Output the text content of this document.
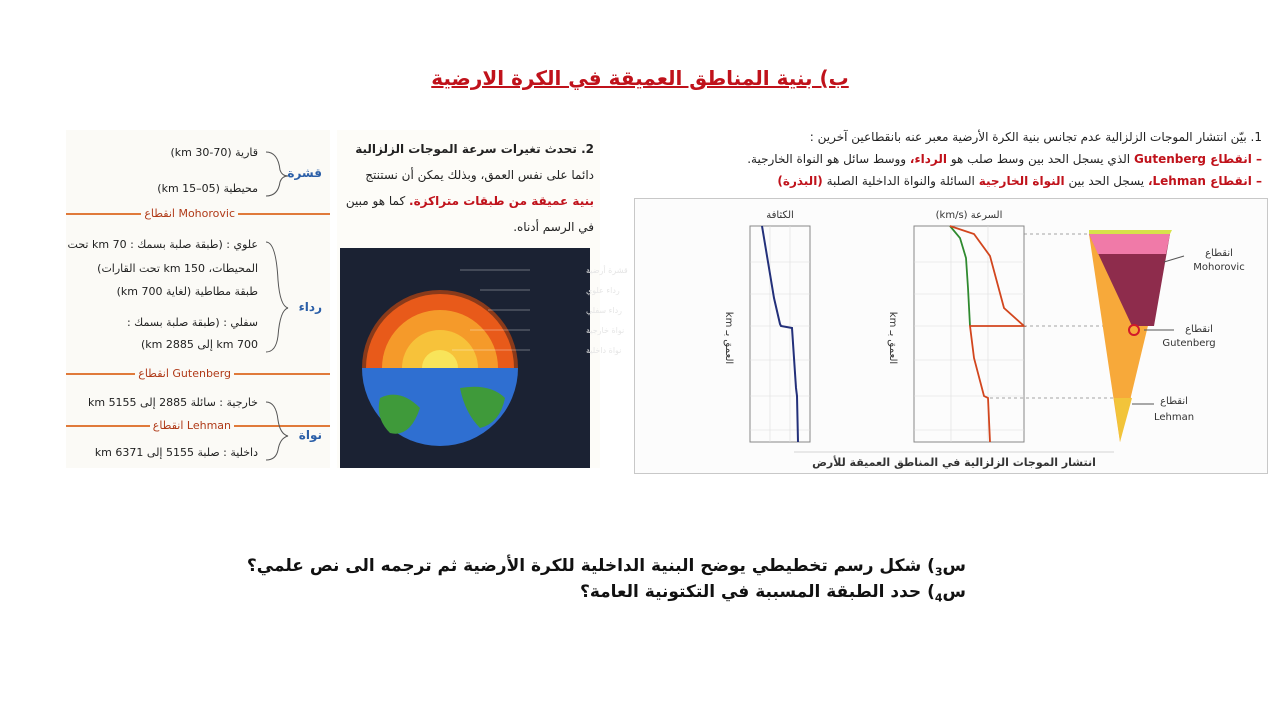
ب) بنية المناطق العميقة في الكرة الارضية
قشرة
قارية (km 30-70)
محيطية (km 15–05)
Mohorovic انقطاع
رداء
علوي : (طبقة صلبة بسمك : km 70 تحت
المحيطات، km 150 تحت القارات)
طبقة مطاطية (لغاية km 700)
سفلي : (طبقة صلبة بسمك :
km 700 إلى km 2885)
Gutenberg انقطاع
نواة
خارجية : سائلة 2885 إلى 5155 km
Lehman انقطاع
داخلية : صلبة 5155 إلى 6371 km
2. تحدث تغيرات سرعة الموجات الزلزالية
دائما على نفس العمق، وبذلك يمكن أن نستنتج
بنية عميقة من طبقات متراكزة. كما هو مبين
في الرسم أدناه.
قشرة أرضية
رداء علوي
رداء سفلي
نواة خارجية
نواة داخلية
1. بيّن انتشار الموجات الزلزالية عدم تجانس بنية الكرة الأرضية معبر عنه بانقطاعين آخرين :
– انقطاع Gutenberg الذي يسجل الحد بين وسط صلب هو الرداء، ووسط سائل هو النواة الخارجية.
– انقطاع Lehman، يسجل الحد بين النواة الخارجية السائلة والنواة الداخلية الصلبة (البذرة)
الكثافة
العمق بـ km
السرعة (km/s)
العمق بـ km
انقطاع
Mohorovic
انقطاع
Gutenberg
انقطاع
Lehman
انتشار الموجات الزلزالية في المناطق العميقة للأرض
س$_3$) شكل رسم تخطيطي يوضح البنية الداخلية للكرة الأرضية ثم ترجمه الى نص علمي؟
س$_4$) حدد الطبقة المسببة في التكتونية العامة؟
